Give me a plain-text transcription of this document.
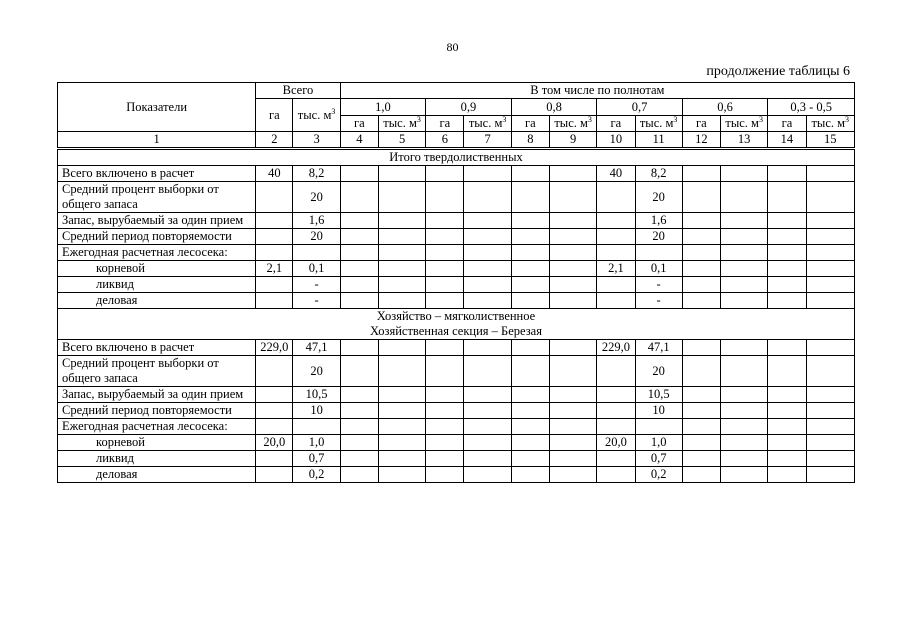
80
продолжение таблицы 6
Показатели	Всего		В том числе по полнотам											
	га	тыс. $м^3$	1,0		0,9		0,8		0,7		0,6		0,3 - 0,5	
			га	тыс. $м^3$	га	тыс. $м^3$	га	тыс. $м^3$	га	тыс. $м^3$	га	тыс. $м^3$	га	тыс. $м^3$
1	2	3	4	5	6	7	8	9	10	11	12	13	14	15

Итого твердолиственных														

Всего включено в расчет	40	8,2							40	8,2				
Средний процент выборки от общего запаса		20								20				
Запас, вырубаемый за один прием		1,6								1,6				
Средний период повторяемости		20								20				
Ежегодная расчетная лесосека:														
корневой	2,1	0,1							2,1	0,1				
ликвид		-								-				
деловая		-								-				

Хозяйство – мягколиственное
Хозяйственная секция – Березая														

Всего включено в расчет	229,0	47,1							229,0	47,1				
Средний процент выборки от общего запаса		20								20				
Запас, вырубаемый за один прием		10,5								10,5				
Средний период повторяемости		10								10				
Ежегодная расчетная лесосека:														
корневой	20,0	1,0							20,0	1,0				
ликвид		0,7								0,7				
деловая		0,2								0,2				
